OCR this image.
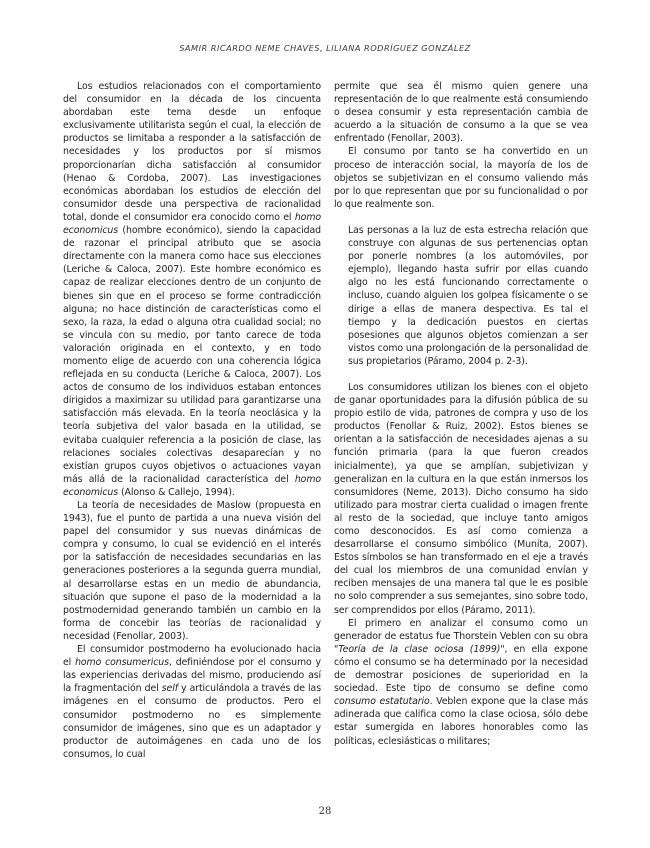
SAMIR RICARDO NEME CHAVES, LILIANA RODRÍGUEZ GONZÁLEZ

Los estudios relacionados con el comportamiento del consumidor en la década de los cincuenta abordaban este tema desde un enfoque exclusivamente utilitarista según el cual, la elección de productos se limitaba a responder a la satisfacción de necesidades y los productos por sí mismos proporcionarían dicha satisfacción al consumidor (Henao & Cordoba, 2007). Las investigaciones económicas abordaban los estudios de elección del consumidor desde una perspectiva de racionalidad total, donde el consumidor era conocido como el homo economicus (hombre económico), siendo la capacidad de razonar el principal atributo que se asocia directamente con la manera como hace sus elecciones (Leriche & Caloca, 2007). Este hombre económico es capaz de realizar elecciones dentro de un conjunto de bienes sin que en el proceso se forme contradicción alguna; no hace distinción de características como el sexo, la raza, la edad o alguna otra cualidad social; no se vincula con su medio, por tanto carece de toda valoración originada en el contexto, y en todo momento elige de acuerdo con una coherencia lógica reflejada en su conducta (Leriche & Caloca, 2007). Los actos de consumo de los individuos estaban entonces dirigidos a maximizar su utilidad para garantizarse una satisfacción más elevada. En la teoría neoclásica y la teoría subjetiva del valor basada en la utilidad, se evitaba cualquier referencia a la posición de clase, las relaciones sociales colectivas desaparecían y no existían grupos cuyos objetivos o actuaciones vayan más allá de la racionalidad característica del homo economicus (Alonso & Callejo, 1994).

La teoría de necesidades de Maslow (propuesta en 1943), fue el punto de partida a una nueva visión del papel del consumidor y sus nuevas dinámicas de compra y consumo, lo cual se evidenció en el interés por la satisfacción de necesidades secundarias en las generaciones posteriores a la segunda guerra mundial, al desarrollarse estas en un medio de abundancia, situación que supone el paso de la modernidad a la postmodernidad generando también un cambio en la forma de concebir las teorías de racionalidad y necesidad (Fenollar, 2003).

El consumidor postmoderno ha evolucionado hacia el homo consumericus, definiéndose por el consumo y las experiencias derivadas del mismo, produciendo así la fragmentación del self y articulándola a través de las imágenes en el consumo de productos. Pero el consumidor postmoderno no es simplemente consumidor de imágenes, sino que es un adaptador y productor de autoimágenes en cada uno de los consumos, lo cual

permite que sea él mismo quien genere una representación de lo que realmente está consumiendo o desea consumir y esta representación cambia de acuerdo a la situación de consumo a la que se vea enfrentado (Fenollar, 2003).

El consumo por tanto se ha convertido en un proceso de interacción social, la mayoría de los de objetos se subjetivizan en el consumo valiendo más por lo que representan que por su funcionalidad o por lo que realmente son.

Las personas a la luz de esta estrecha relación que construye con algunas de sus pertenencias optan por ponerle nombres (a los automóviles, por ejemplo), llegando hasta sufrir por ellas cuando algo no les está funcionando correctamente o incluso, cuando alguien los golpea físicamente o se dirige a ellas de manera despectiva. Es tal el tiempo y la dedicación puestos en ciertas posesiones que algunos objetos comienzan a ser vistos como una prolongación de la personalidad de sus propietarios (Páramo, 2004 p. 2-3).

Los consumidores utilizan los bienes con el objeto de ganar oportunidades para la difusión pública de su propio estilo de vida, patrones de compra y uso de los productos (Fenollar & Ruiz, 2002). Estos bienes se orientan a la satisfacción de necesidades ajenas a su función primaria (para la que fueron creados inicialmente), ya que se amplían, subjetivizan y generalizan en la cultura en la que están inmersos los consumidores (Neme, 2013). Dicho consumo ha sido utilizado para mostrar cierta cualidad o imagen frente al resto de la sociedad, que incluye tanto amigos como desconocidos. Es así como comienza a desarrollarse el consumo simbólico (Munita, 2007). Estos símbolos se han transformado en el eje a través del cual los miembros de una comunidad envían y reciben mensajes de una manera tal que le es posible no solo comprender a sus semejantes, sino sobre todo, ser comprendidos por ellos (Páramo, 2011).

El primero en analizar el consumo como un generador de estatus fue Thorstein Veblen con su obra "Teoría de la clase ociosa (1899)", en ella expone cómo el consumo se ha determinado por la necesidad de demostrar posiciones de superioridad en la sociedad. Este tipo de consumo se define como consumo estatutario. Veblen expone que la clase más adinerada que califica como la clase ociosa, sólo debe estar sumergida en labores honorables como las políticas, eclesiásticas o militares;

28
